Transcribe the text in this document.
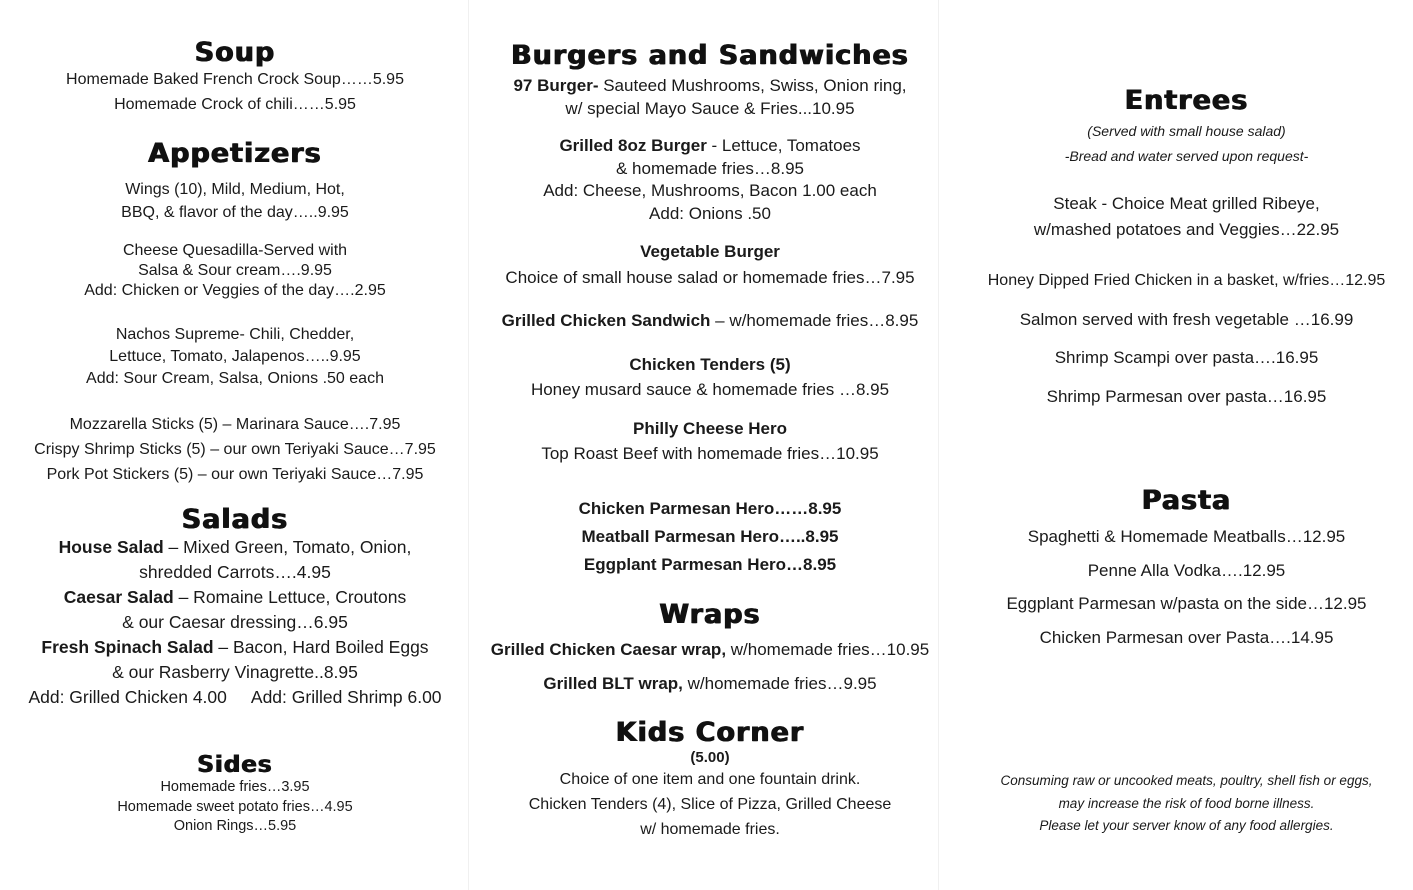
Soup
Homemade Baked French Crock Soup……5.95
Homemade Crock of chili……5.95
Appetizers
Wings (10), Mild, Medium, Hot,
BBQ, & flavor of the day…..9.95
Cheese Quesadilla-Served with
Salsa & Sour cream….9.95
Add: Chicken or Veggies of the day….2.95
Nachos Supreme- Chili, Chedder,
Lettuce, Tomato, Jalapenos…..9.95
Add: Sour Cream, Salsa, Onions .50 each
Mozzarella Sticks (5) – Marinara Sauce….7.95
Crispy Shrimp Sticks (5) – our own Teriyaki Sauce…7.95
Pork Pot Stickers (5) – our own Teriyaki Sauce…7.95
Salads
House Salad – Mixed Green, Tomato, Onion,
shredded Carrots….4.95
Caesar Salad – Romaine Lettuce, Croutons
& our Caesar dressing…6.95
Fresh Spinach Salad – Bacon, Hard Boiled Eggs
& our Rasberry Vinagrette..8.95
Add: Grilled Chicken 4.00 Add: Grilled Shrimp 6.00
Sides
Homemade fries…3.95
Homemade sweet potato fries…4.95
Onion Rings…5.95
Burgers and Sandwiches
97 Burger- Sauteed Mushrooms, Swiss, Onion ring,
w/ special Mayo Sauce & Fries...10.95
Grilled 8oz Burger - Lettuce, Tomatoes
& homemade fries…8.95
Add: Cheese, Mushrooms, Bacon 1.00 each
Add: Onions .50
Vegetable Burger
Choice of small house salad or homemade fries…7.95
Grilled Chicken Sandwich – w/homemade fries…8.95
Chicken Tenders (5)
Honey musard sauce & homemade fries …8.95
Philly Cheese Hero
Top Roast Beef with homemade fries…10.95
Chicken Parmesan Hero……8.95
Meatball Parmesan Hero…..8.95
Eggplant Parmesan Hero…8.95
Wraps
Grilled Chicken Caesar wrap, w/homemade fries…10.95
Grilled BLT wrap, w/homemade fries…9.95
Kids Corner
(5.00)
Choice of one item and one fountain drink.
Chicken Tenders (4), Slice of Pizza, Grilled Cheese
w/ homemade fries.
Entrees
(Served with small house salad)
-Bread and water served upon request-
Steak - Choice Meat grilled Ribeye,
w/mashed potatoes and Veggies…22.95
Honey Dipped Fried Chicken in a basket, w/fries…12.95
Salmon served with fresh vegetable …16.99
Shrimp Scampi over pasta….16.95
Shrimp Parmesan over pasta…16.95
Pasta
Spaghetti & Homemade Meatballs…12.95
Penne Alla Vodka….12.95
Eggplant Parmesan w/pasta on the side…12.95
Chicken Parmesan over Pasta….14.95
Consuming raw or uncooked meats, poultry, shell fish or eggs,
may increase the risk of food borne illness.
Please let your server know of any food allergies.
